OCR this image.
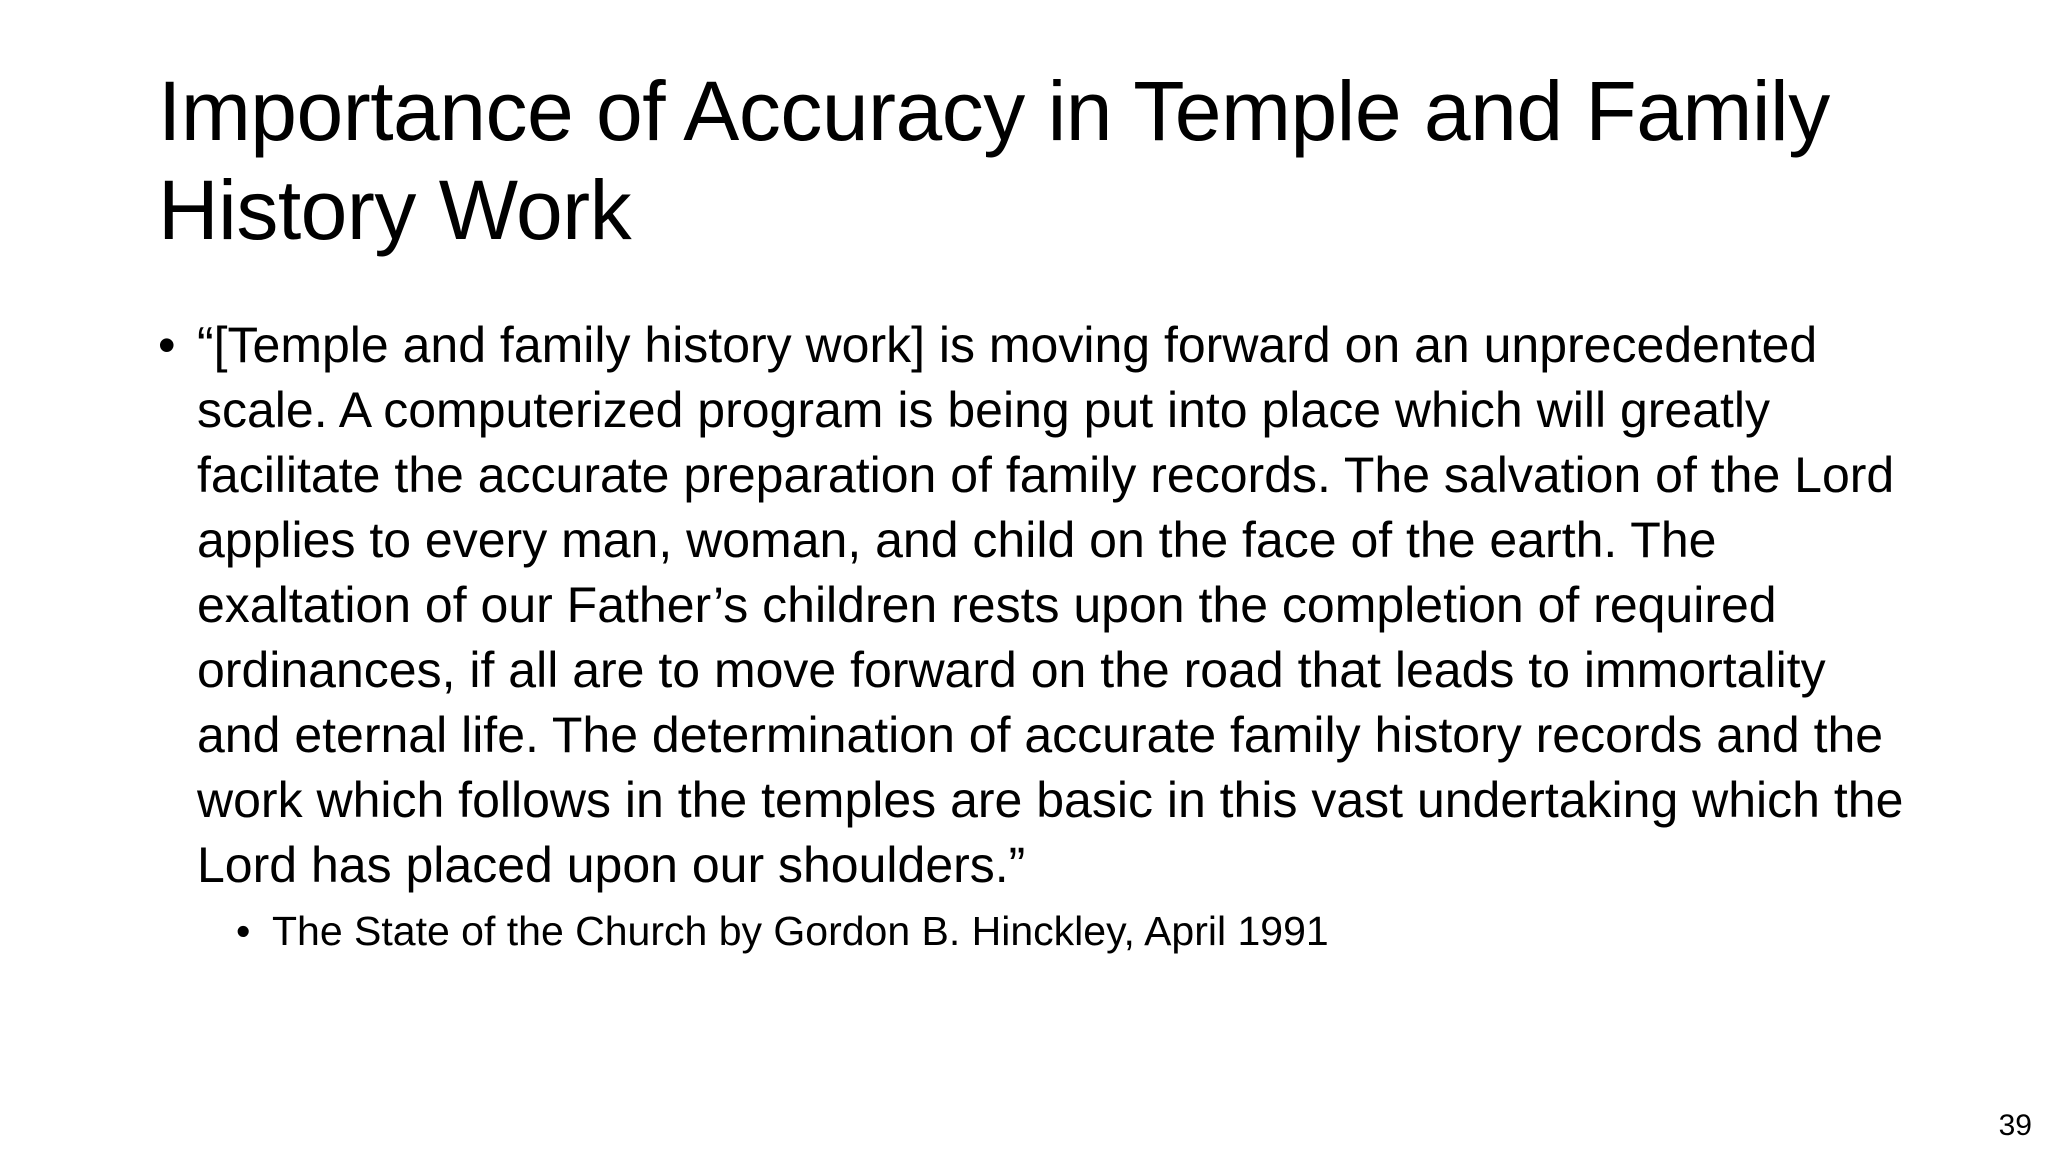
Importance of Accuracy in Temple and Family History Work
• “[Temple and family history work] is moving forward on an unprecedented scale. A computerized program is being put into place which will greatly facilitate the accurate preparation of family records. The salvation of the Lord applies to every man, woman, and child on the face of the earth. The exaltation of our Father’s children rests upon the completion of required ordinances, if all are to move forward on the road that leads to immortality and eternal life. The determination of accurate family history records and the work which follows in the temples are basic in this vast undertaking which the Lord has placed upon our shoulders.”
• The State of the Church by Gordon B. Hinckley, April 1991
39
